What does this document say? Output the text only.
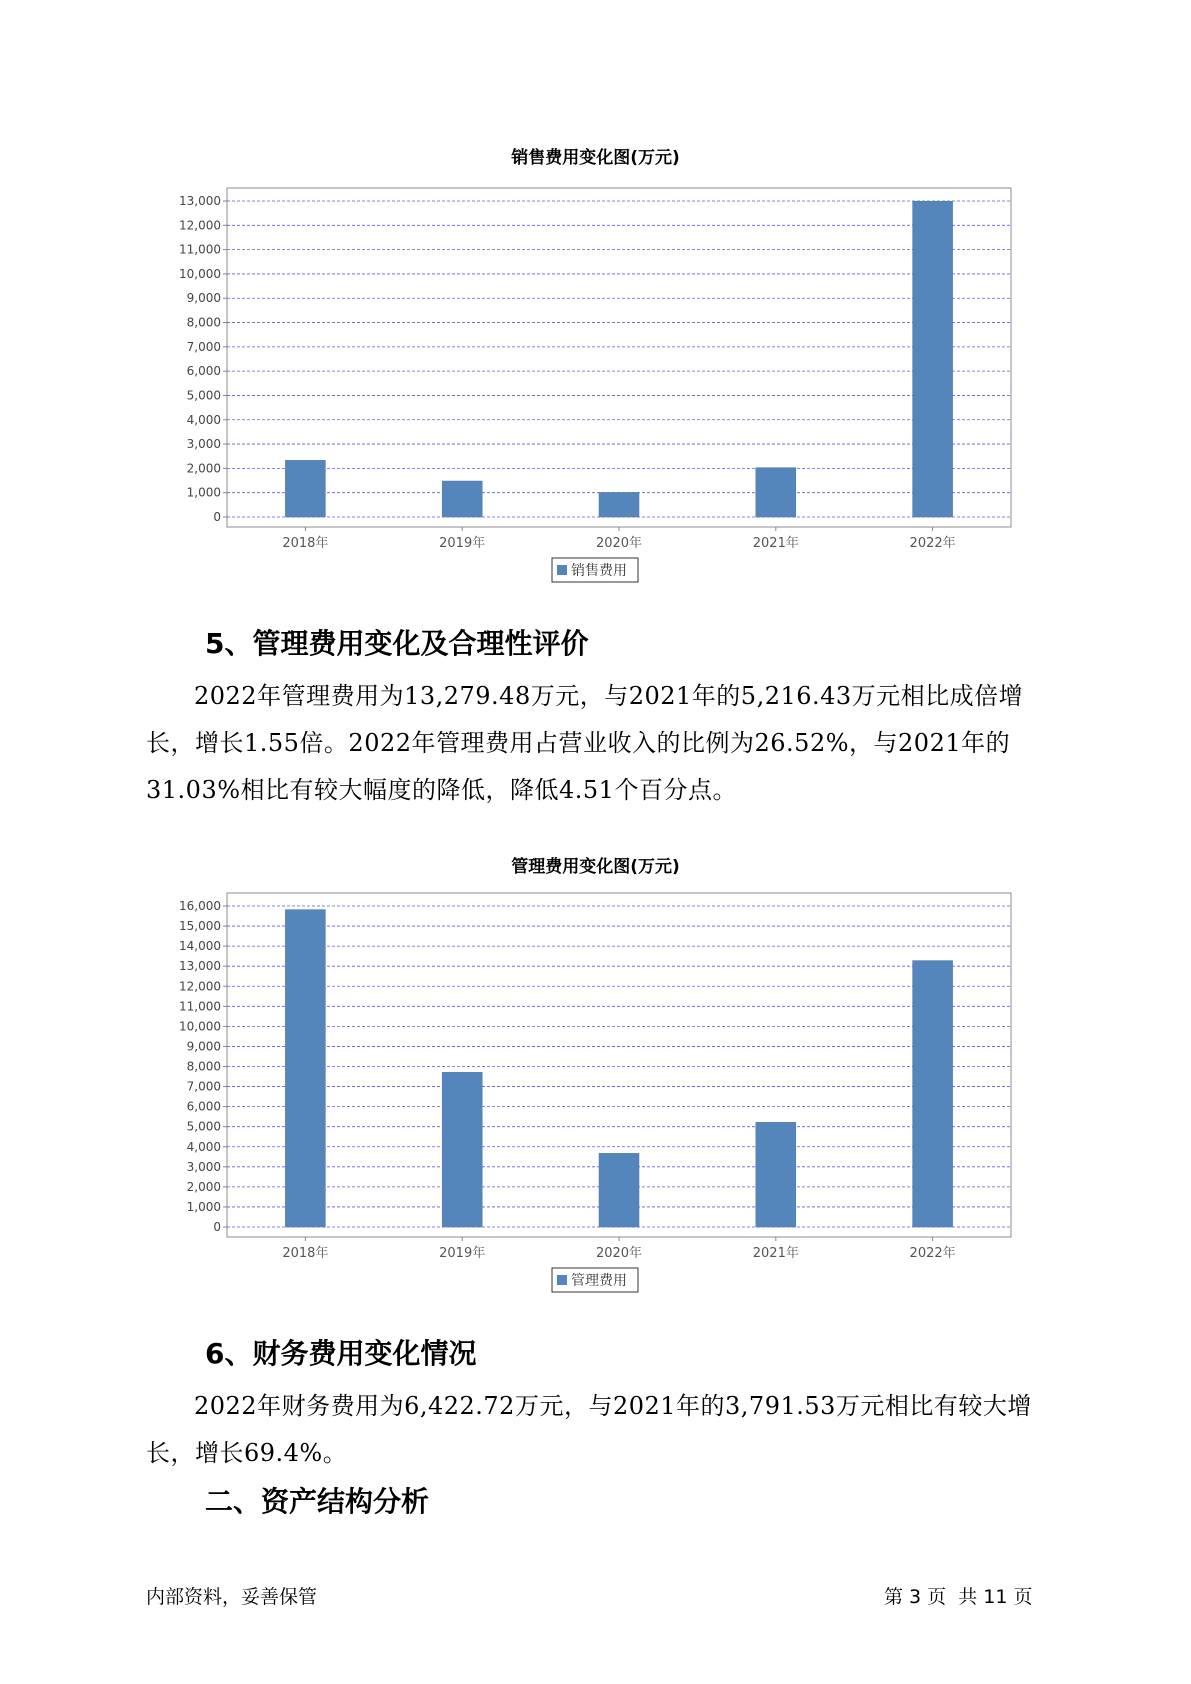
销售费用变化图(万元)
0
1,000
2,000
3,000
4,000
5,000
6,000
7,000
8,000
9,000
10,000
11,000
12,000
13,000
2018年	2019年	2020年	2021年	2022年
销售费用
5、管理费用变化及合理性评价

2022年管理费用为13,279.48万元，与2021年的5,216.43万元相比成倍增长，增长1.55倍。2022年管理费用占营业收入的比例为26.52%，与2021年的31.03%相比有较大幅度的降低，降低4.51个百分点。

管理费用变化图(万元)
0
1,000
2,000
3,000
4,000
5,000
6,000
7,000
8,000
9,000
10,000
11,000
12,000
13,000
14,000
15,000
16,000
2018年	2019年	2020年	2021年	2022年
管理费用
6、财务费用变化情况

2022年财务费用为6,422.72万元，与2021年的3,791.53万元相比有较大增长，增长69.4%。

二、资产结构分析
内部资料，妥善保管	第 3 页  共 11 页
